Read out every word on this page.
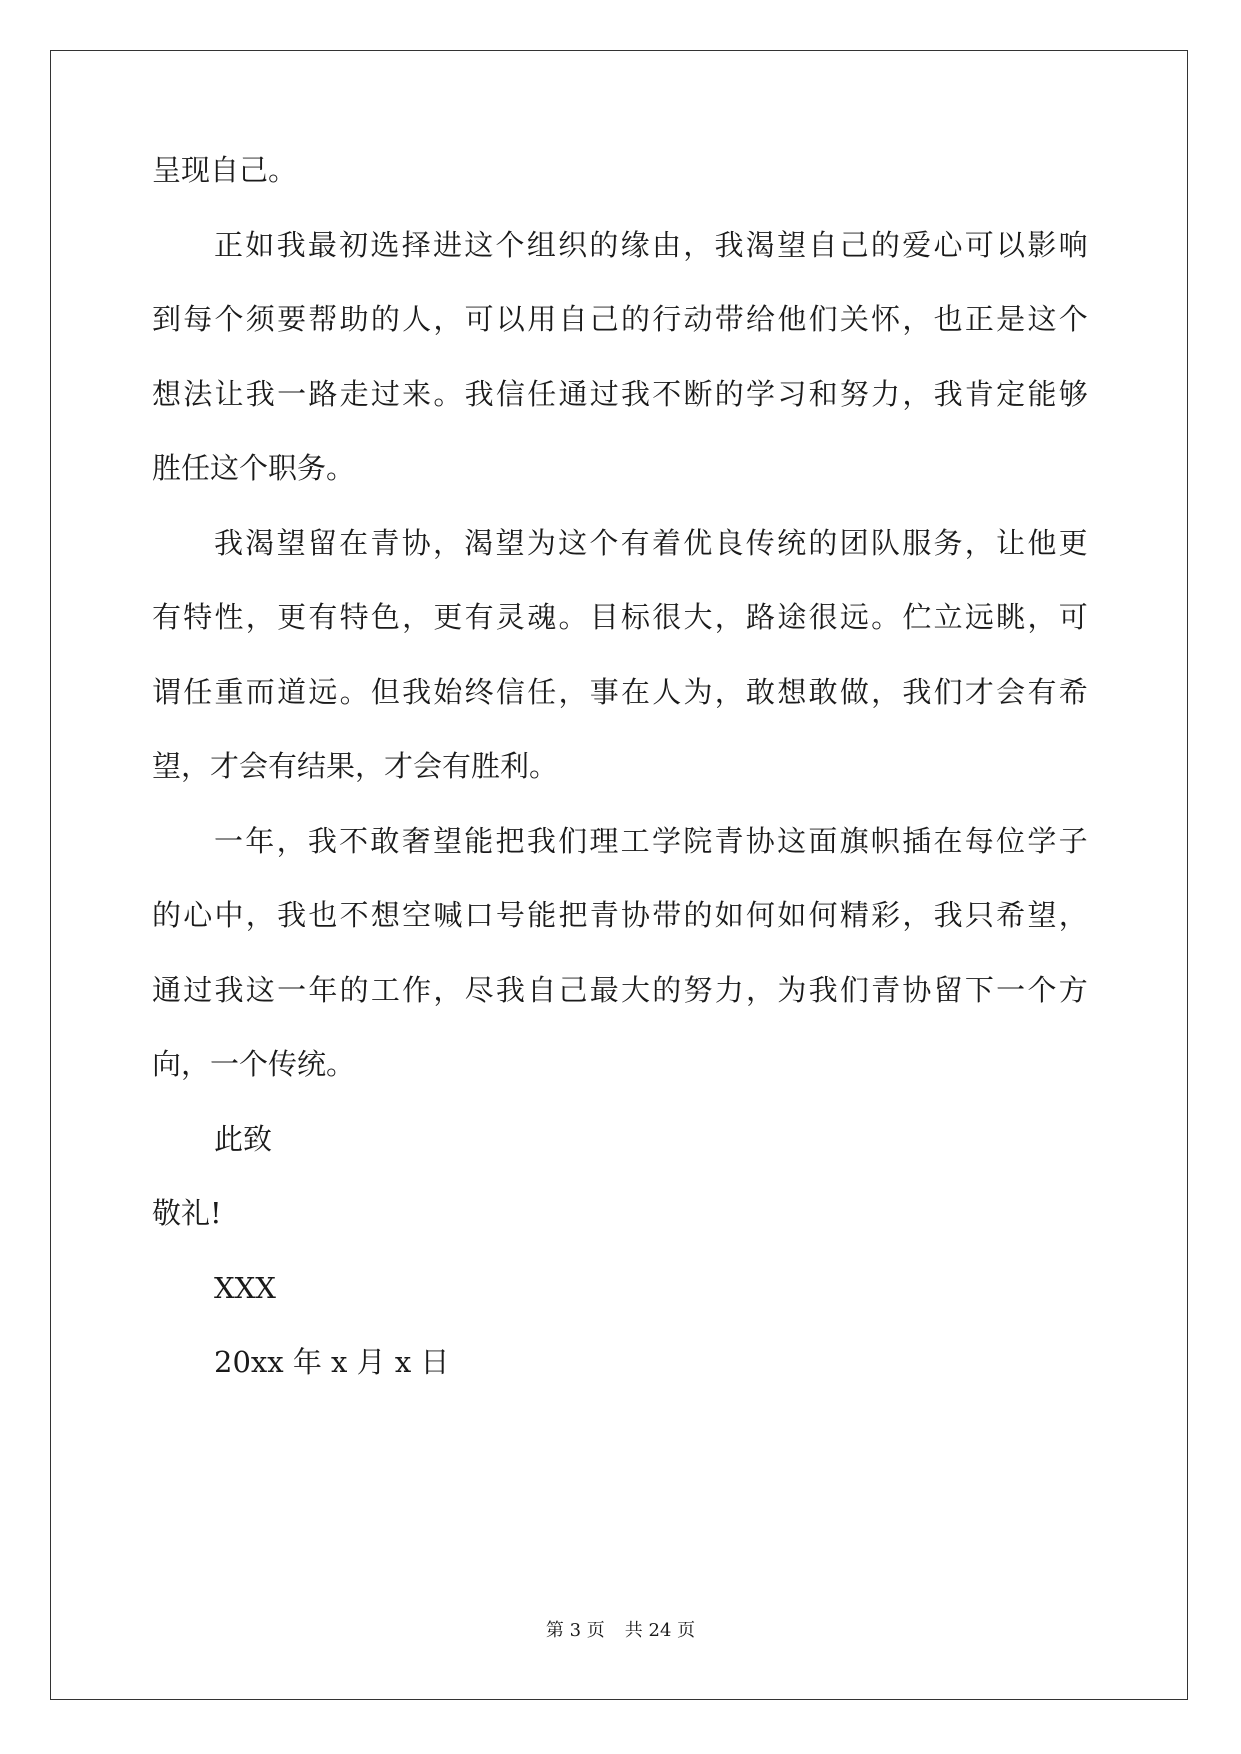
呈现自己。
正 如 我 最 初 选 择 进 这 个 组 织 的 缘 由 ， 我 渴 望 自 己 的 爱 心 可 以 影 响
到 每 个 须 要 帮 助 的 人 ， 可 以 用 自 己 的 行 动 带 给 他 们 关 怀 ， 也 正 是 这 个
想 法 让 我 一 路 走 过 来 。 我 信 任 通 过 我 不 断 的 学 习 和 努 力 ， 我 肯 定 能 够
胜任这个职务。
我 渴 望 留 在 青 协 ， 渴 望 为 这 个 有 着 优 良 传 统 的 团 队 服 务 ， 让 他 更
有 特 性 ， 更 有 特 色 ， 更 有 灵 魂 。 目 标 很 大 ， 路 途 很 远 。 伫 立 远 眺 ， 可
谓 任 重 而 道 远 。 但 我 始 终 信 任 ， 事 在 人 为 ， 敢 想 敢 做 ， 我 们 才 会 有 希
望，才会有结果，才会有胜利。
一 年 ， 我 不 敢 奢 望 能 把 我 们 理 工 学 院 青 协 这 面 旗 帜 插 在 每 位 学 子
的 心 中 ， 我 也 不 想 空 喊 口 号 能 把 青 协 带 的 如 何 如 何 精 彩 ， 我 只 希 望 ，
通 过 我 这 一 年 的 工 作 ， 尽 我 自 己 最 大 的 努 力 ， 为 我 们 青 协 留 下 一 个 方
向，一个传统。
此致
敬礼!
XXX
20xx 年 x 月 x 日
第 3 页 共 24 页
